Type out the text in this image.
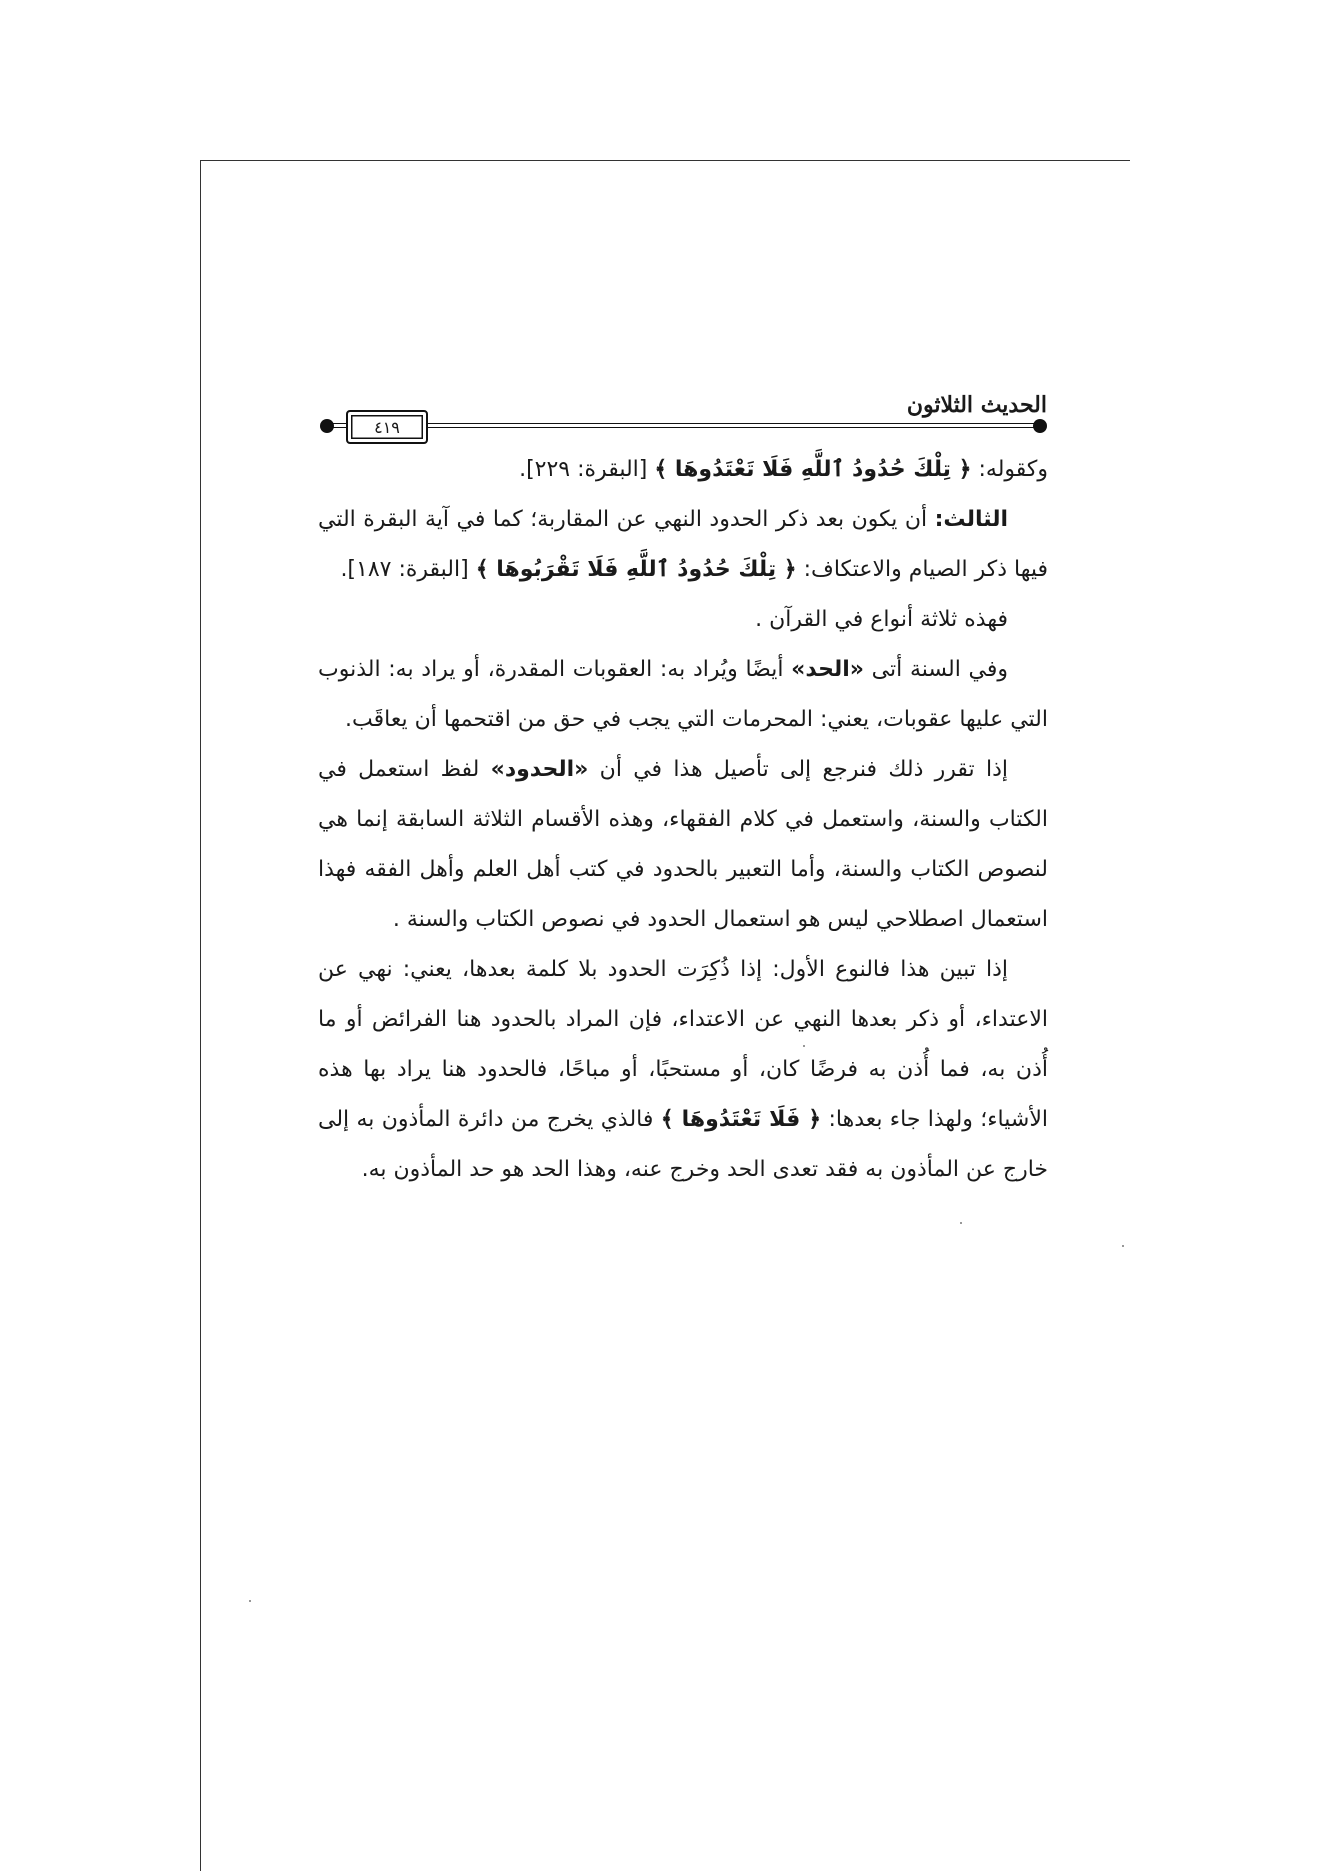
الحديث الثلاثون
٤١٩

وكقوله: ﴿ تِلْكَ حُدُودُ ٱللَّهِ فَلَا تَعْتَدُوهَا ﴾ [البقرة: ٢٢٩].

الثالث: أن يكون بعد ذكر الحدود النهي عن المقاربة؛ كما في آية البقرة التي فيها ذكر الصيام والاعتكاف: ﴿ تِلْكَ حُدُودُ ٱللَّهِ فَلَا تَقْرَبُوهَا ﴾ [البقرة: ١٨٧].

فهذه ثلاثة أنواع في القرآن .

وفي السنة أتى «الحد» أيضًا ويُراد به: العقوبات المقدرة، أو يراد به: الذنوب التي عليها عقوبات، يعني: المحرمات التي يجب في حق من اقتحمها أن يعاقَب.

إذا تقرر ذلك فنرجع إلى تأصيل هذا في أن «الحدود» لفظ استعمل في الكتاب والسنة، واستعمل في كلام الفقهاء، وهذه الأقسام الثلاثة السابقة إنما هي لنصوص الكتاب والسنة، وأما التعبير بالحدود في كتب أهل العلم وأهل الفقه فهذا استعمال اصطلاحي ليس هو استعمال الحدود في نصوص الكتاب والسنة .

إذا تبين هذا فالنوع الأول: إذا ذُكِرَت الحدود بلا كلمة بعدها، يعني: نهي عن الاعتداء، أو ذكر بعدها النهي عن الاعتداء، فإن المراد بالحدود هنا الفرائض أو ما أُذن به، فما أُذن به فرضًا كان، أو مستحبًا، أو مباحًا، فالحدود هنا يراد بها هذه الأشياء؛ ولهذا جاء بعدها: ﴿ فَلَا تَعْتَدُوهَا ﴾ فالذي يخرج من دائرة المأذون به إلى خارج عن المأذون به فقد تعدى الحد وخرج عنه، وهذا الحد هو حد المأذون به.
